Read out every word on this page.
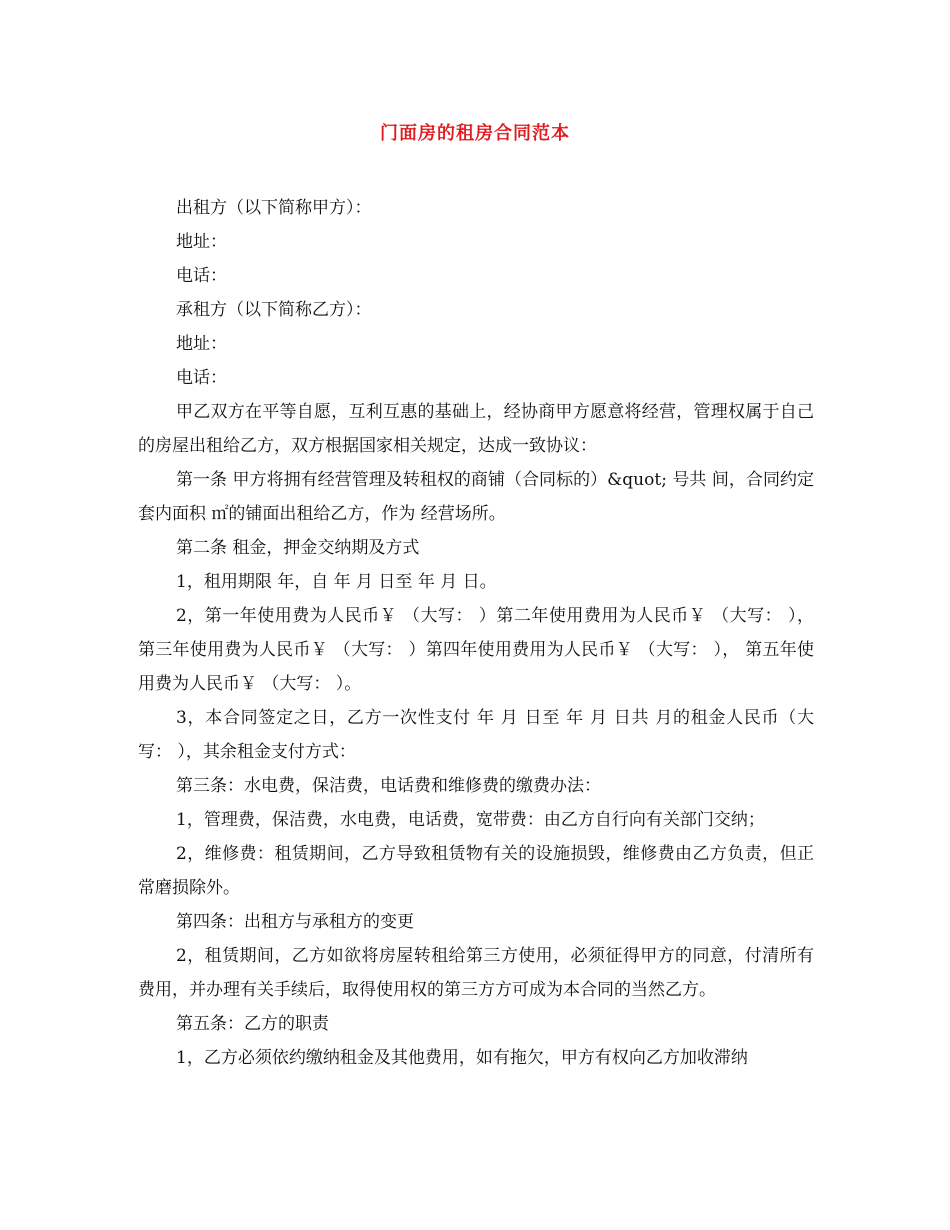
门面房的租房合同范本

出租方（以下简称甲方）：

地址：

电话：

承租方（以下简称乙方）：

地址：

电话：

甲乙双方在平等自愿，互利互惠的基础上，经协商甲方愿意将经营，管理权属于自己的房屋出租给乙方，双方根据国家相关规定，达成一致协议：

第一条 甲方将拥有经营管理及转租权的商铺（合同标的）&quot; 号共 间，合同约定套内面积 ㎡的铺面出租给乙方，作为 经营场所。

第二条 租金，押金交纳期及方式

1，租用期限 年，自 年 月 日至 年 月 日。

2，第一年使用费为人民币￥ （大写： ）第二年使用费用为人民币￥ （大写： ）， 第三年使用费为人民币￥ （大写： ）第四年使用费用为人民币￥ （大写： ）， 第五年使用费为人民币￥ （大写： ）。

3，本合同签定之日，乙方一次性支付 年 月 日至 年 月 日共 月的租金人民币（大写： ），其余租金支付方式：

第三条：水电费，保洁费，电话费和维修费的缴费办法：

1，管理费，保洁费，水电费，电话费，宽带费：由乙方自行向有关部门交纳；

2，维修费：租赁期间，乙方导致租赁物有关的设施损毁，维修费由乙方负责，但正常磨损除外。

第四条：出租方与承租方的变更

2，租赁期间，乙方如欲将房屋转租给第三方使用，必须征得甲方的同意，付清所有费用，并办理有关手续后，取得使用权的第三方方可成为本合同的当然乙方。

第五条：乙方的职责

1，乙方必须依约缴纳租金及其他费用，如有拖欠，甲方有权向乙方加收滞纳
